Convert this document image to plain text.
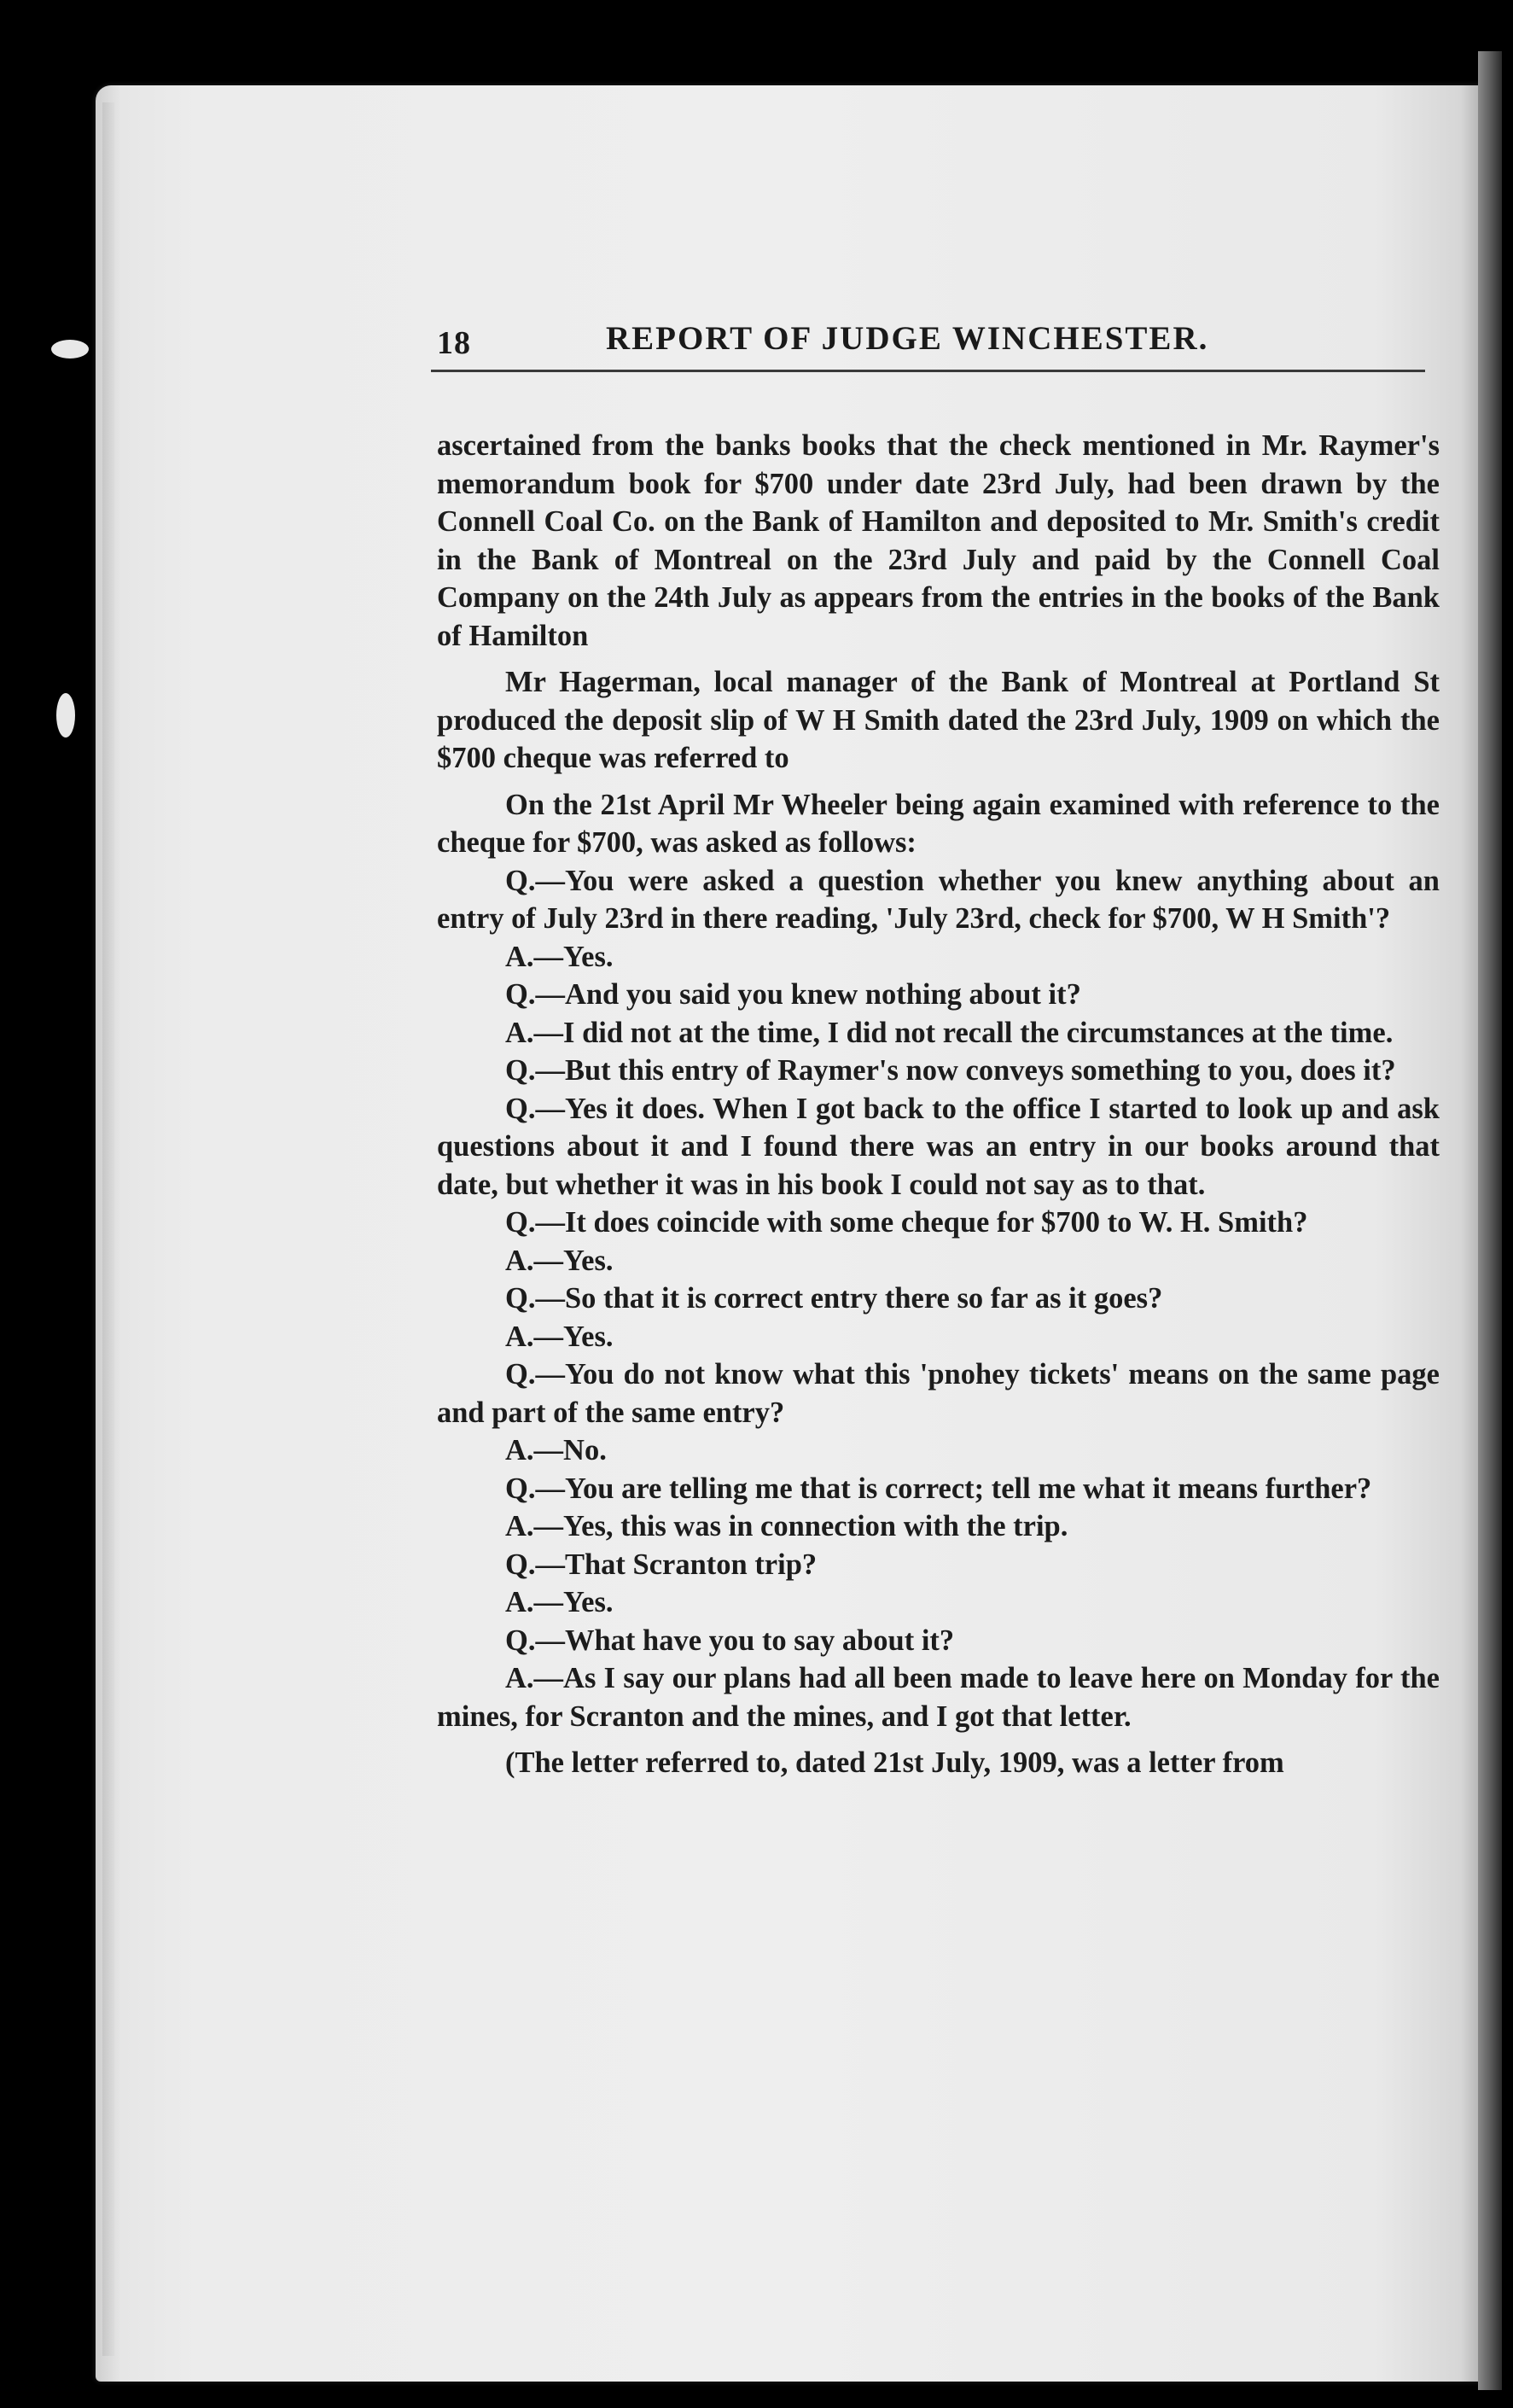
18	REPORT OF JUDGE WINCHESTER.

ascertained from the banks books that the check mentioned in Mr. Raymer's memorandum book for $700 under date 23rd July, had been drawn by the Connell Coal Co. on the Bank of Hamilton and deposited to Mr. Smith's credit in the Bank of Montreal on the 23rd July and paid by the Connell Coal Company on the 24th July as appears from the entries in the books of the Bank of Hamilton

Mr Hagerman, local manager of the Bank of Montreal at Portland St produced the deposit slip of W H Smith dated the 23rd July, 1909 on which the $700 cheque was referred to

On the 21st April Mr Wheeler being again examined with reference to the cheque for $700, was asked as follows:

Q.—You were asked a question whether you knew anything about an entry of July 23rd in there reading, 'July 23rd, check for $700, W H Smith'?

A.—Yes.

Q.—And you said you knew nothing about it?

A.—I did not at the time, I did not recall the circumstances at the time.

Q.—But this entry of Raymer's now conveys something to you, does it?

Q.—Yes it does. When I got back to the office I started to look up and ask questions about it and I found there was an entry in our books around that date, but whether it was in his book I could not say as to that.

Q.—It does coincide with some cheque for $700 to W. H. Smith?

A.—Yes.

Q.—So that it is correct entry there so far as it goes?

A.—Yes.

Q.—You do not know what this 'pnohey tickets' means on the same page and part of the same entry?

A.—No.

Q.—You are telling me that is correct; tell me what it means further?

A.—Yes, this was in connection with the trip.

Q.—That Scranton trip?

A.—Yes.

Q.—What have you to say about it?

A.—As I say our plans had all been made to leave here on Monday for the mines, for Scranton and the mines, and I got that letter.

(The letter referred to, dated 21st July, 1909, was a letter from
